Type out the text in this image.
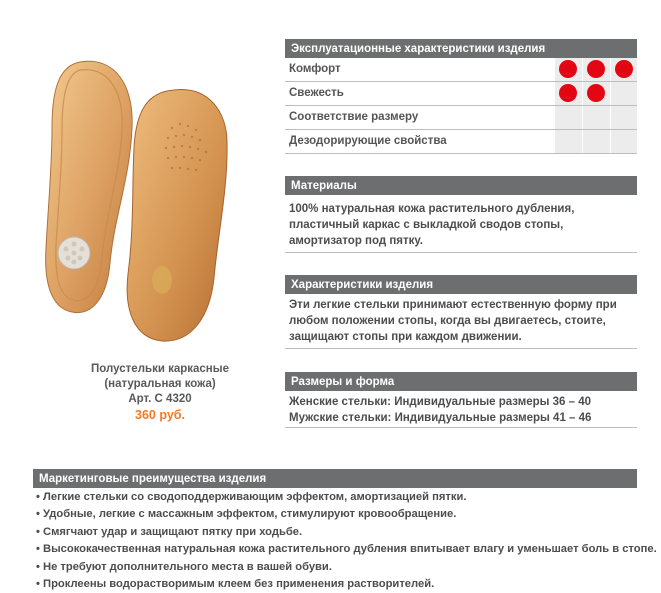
Полустельки каркасные
(натуральная кожа)
Арт. С 4320
360 руб.
Эксплуатационные характеристики изделия
Комфорт
Свежесть
Соответствие размеру
Дезодорирующие свойства
Материалы
100% натуральная кожа растительного дубления,
пластичный каркас с выкладкой сводов стопы,
амортизатор под пятку.
Характеристики изделия
Эти легкие стельки принимают естественную форму при
любом положении стопы, когда вы двигаетесь, стоите,
защищают стопы при каждом движении.
Размеры и форма
Женские стельки: Индивидуальные размеры 36 – 40
Мужские стельки: Индивидуальные размеры 41 – 46
Маркетинговые преимущества изделия
• Легкие стельки со сводоподдерживающим эффектом, амортизацией пятки.
• Удобные, легкие с массажным эффектом, стимулируют кровообращение.
• Смягчают удар и защищают пятку при ходьбе.
• Высококачественная натуральная кожа растительного дубления впитывает влагу и уменьшает боль в стопе.
• Не требуют дополнительного места в вашей обуви.
• Проклеены водорастворимым клеем без применения растворителей.
